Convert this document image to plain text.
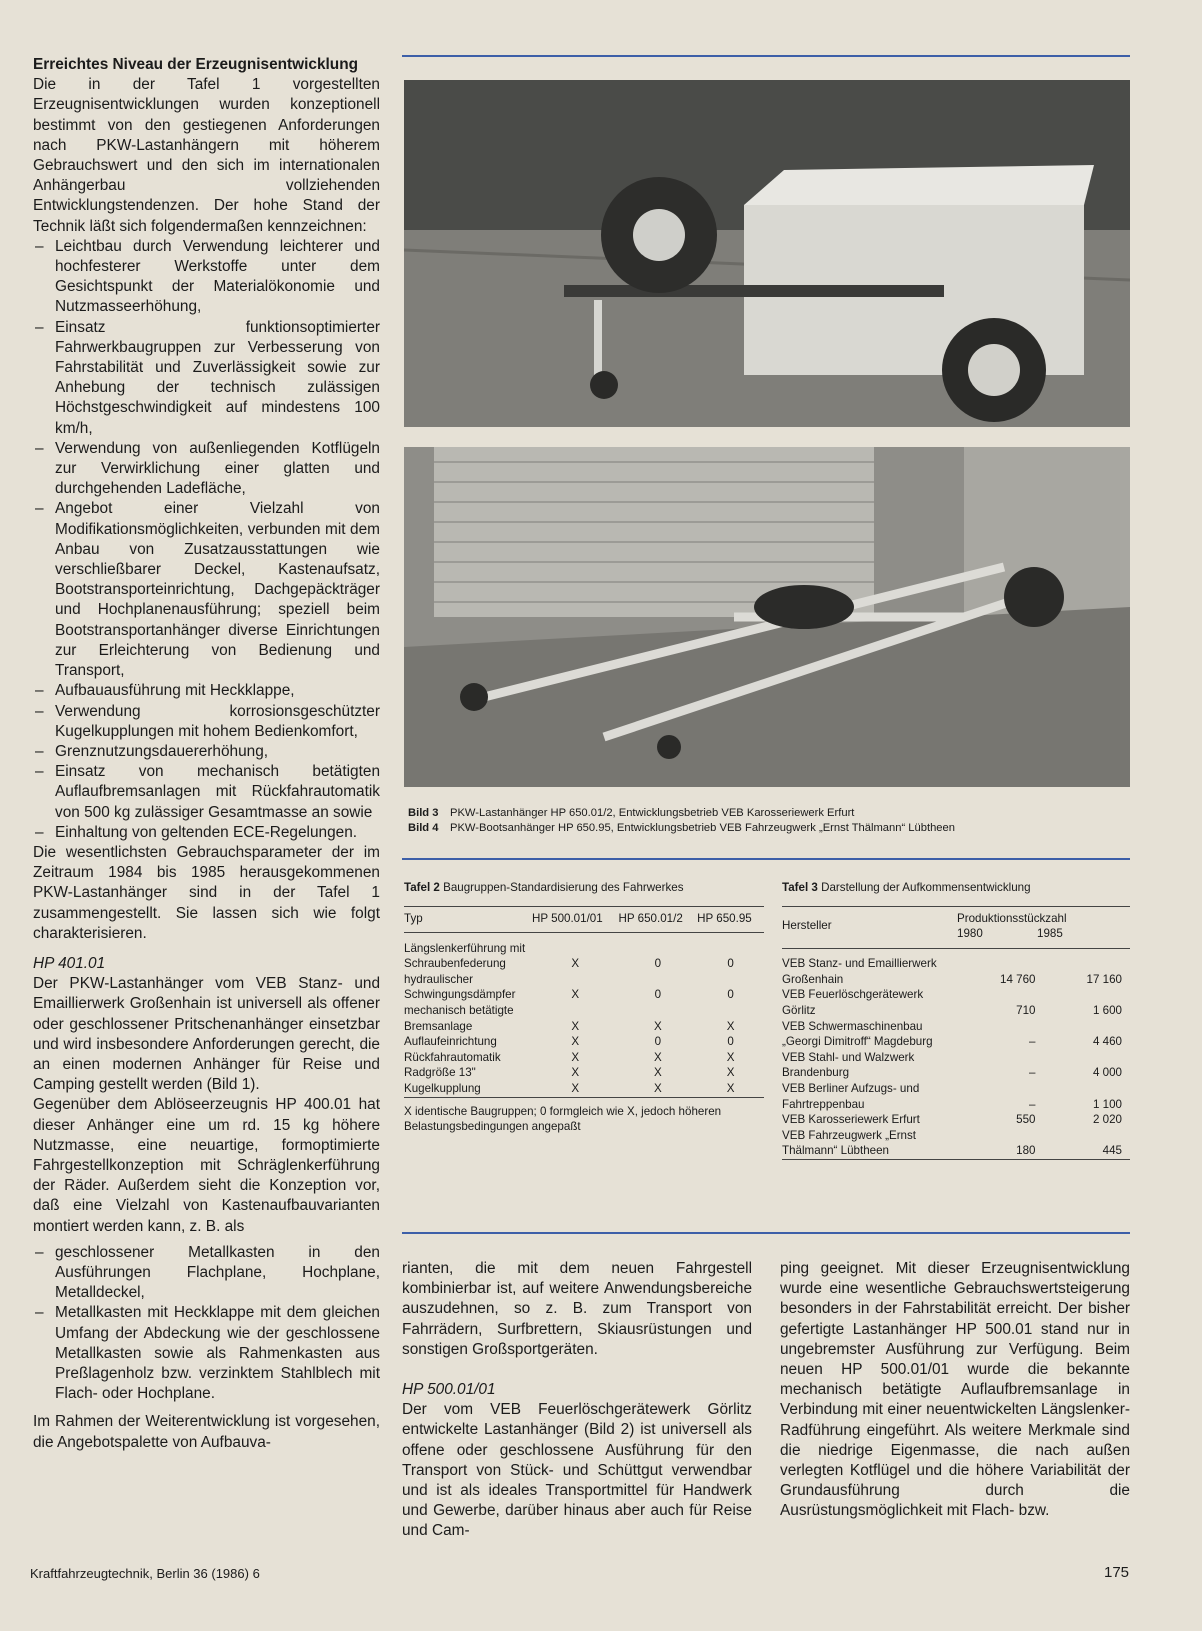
Erreichtes Niveau der Erzeugnisentwicklung

Die in der Tafel 1 vorgestellten Erzeugnisentwicklungen wurden konzeptionell bestimmt von den gestiegenen Anforderungen nach PKW-Lastanhängern mit höherem Gebrauchswert und den sich im internationalen Anhängerbau vollziehenden Entwicklungstendenzen. Der hohe Stand der Technik läßt sich folgendermaßen kennzeichnen:

– Leichtbau durch Verwendung leichterer und hochfesterer Werkstoffe unter dem Gesichtspunkt der Materialökonomie und Nutzmasseerhöhung,
– Einsatz funktionsoptimierter Fahrwerkbaugruppen zur Verbesserung von Fahrstabilität und Zuverlässigkeit sowie zur Anhebung der technisch zulässigen Höchstgeschwindigkeit auf mindestens 100 km/h,
– Verwendung von außenliegenden Kotflügeln zur Verwirklichung einer glatten und durchgehenden Ladefläche,
– Angebot einer Vielzahl von Modifikationsmöglichkeiten, verbunden mit dem Anbau von Zusatzausstattungen wie verschließbarer Deckel, Kastenaufsatz, Bootstransporteinrichtung, Dachgepäckträger und Hochplanenausführung; speziell beim Bootstransportanhänger diverse Einrichtungen zur Erleichterung von Bedienung und Transport,
– Aufbauausführung mit Heckklappe,
– Verwendung korrosionsgeschützter Kugelkupplungen mit hohem Bedienkomfort,
– Grenznutzungsdauererhöhung,
– Einsatz von mechanisch betätigten Auflaufbremsanlagen mit Rückfahrautomatik von 500 kg zulässiger Gesamtmasse an sowie
– Einhaltung von geltenden ECE-Regelungen.

Die wesentlichsten Gebrauchsparameter der im Zeitraum 1984 bis 1985 herausgekommenen PKW-Lastanhänger sind in der Tafel 1 zusammengestellt. Sie lassen sich wie folgt charakterisieren.

HP 401.01

Der PKW-Lastanhänger vom VEB Stanz- und Emaillierwerk Großenhain ist universell als offener oder geschlossener Pritschenanhänger einsetzbar und wird insbesondere Anforderungen gerecht, die an einen modernen Anhänger für Reise und Camping gestellt werden (Bild 1).

Gegenüber dem Ablöseerzeugnis HP 400.01 hat dieser Anhänger eine um rd. 15 kg höhere Nutzmasse, eine neuartige, formoptimierte Fahrgestellkonzeption mit Schräglenkerführung der Räder. Außerdem sieht die Konzeption vor, daß eine Vielzahl von Kastenaufbauvarianten montiert werden kann, z. B. als

– geschlossener Metallkasten in den Ausführungen Flachplane, Hochplane, Metalldeckel,
– Metallkasten mit Heckklappe mit dem gleichen Umfang der Abdeckung wie der geschlossene Metallkasten sowie als Rahmenkasten aus Preßlagenholz bzw. verzinktem Stahlblech mit Flach- oder Hochplane.

Im Rahmen der Weiterentwicklung ist vorgesehen, die Angebotspalette von Aufbauva-

Bild 3 PKW-Lastanhänger HP 650.01/2, Entwicklungsbetrieb VEB Karosseriewerk Erfurt
Bild 4 PKW-Bootsanhänger HP 650.95, Entwicklungsbetrieb VEB Fahrzeugwerk „Ernst Thälmann“ Lübtheen
Tafel 2 Baugruppen-Standardisierung des Fahrwerkes
Typ	HP 500.01/01	HP 650.01/2	HP 650.95

Längslenkerführung mit Schraubenfederung	X	0	0
hydraulischer Schwingungsdämpfer	X	0	0
mechanisch betätigte Bremsanlage	X	X	X
Auflaufeinrichtung	X	0	0
Rückfahrautomatik	X	X	X
Radgröße 13"	X	X	X
Kugelkupplung	X	X	X
X identische Baugruppen; 0 formgleich wie X, jedoch höheren Belastungsbedingungen angepaßt
Tafel 3 Darstellung der Aufkommensentwicklung
Hersteller	Produktionsstückzahl
1980 1985	

VEB Stanz- und Emaillierwerk Großenhain	14 760	17 160
VEB Feuerlöschgerätewerk Görlitz	710	1 600
VEB Schwermaschinenbau „Georgi Dimitroff“ Magdeburg	–	4 460
VEB Stahl- und Walzwerk Brandenburg	–	4 000
VEB Berliner Aufzugs- und Fahrtreppenbau	–	1 100
VEB Karosseriewerk Erfurt	550	2 020
VEB Fahrzeugwerk „Ernst Thälmann“ Lübtheen	180	445

rianten, die mit dem neuen Fahrgestell kombinierbar ist, auf weitere Anwendungsbereiche auszudehnen, so z. B. zum Transport von Fahrrädern, Surfbrettern, Skiausrüstungen und sonstigen Großsportgeräten.

HP 500.01/01

Der vom VEB Feuerlöschgerätewerk Görlitz entwickelte Lastanhänger (Bild 2) ist universell als offene oder geschlossene Ausführung für den Transport von Stück- und Schüttgut verwendbar und ist als ideales Transportmittel für Handwerk und Gewerbe, darüber hinaus aber auch für Reise und Cam-

ping geeignet. Mit dieser Erzeugnisentwicklung wurde eine wesentliche Gebrauchswertsteigerung besonders in der Fahrstabilität erreicht. Der bisher gefertigte Lastanhänger HP 500.01 stand nur in ungebremster Ausführung zur Verfügung. Beim neuen HP 500.01/01 wurde die bekannte mechanisch betätigte Auflaufbremsanlage in Verbindung mit einer neuentwickelten Längslenker-Radführung eingeführt. Als weitere Merkmale sind die niedrige Eigenmasse, die nach außen verlegten Kotflügel und die höhere Variabilität der Grundausführung durch die Ausrüstungsmöglichkeit mit Flach- bzw.

Kraftfahrzeugtechnik, Berlin 36 (1986) 6	175
